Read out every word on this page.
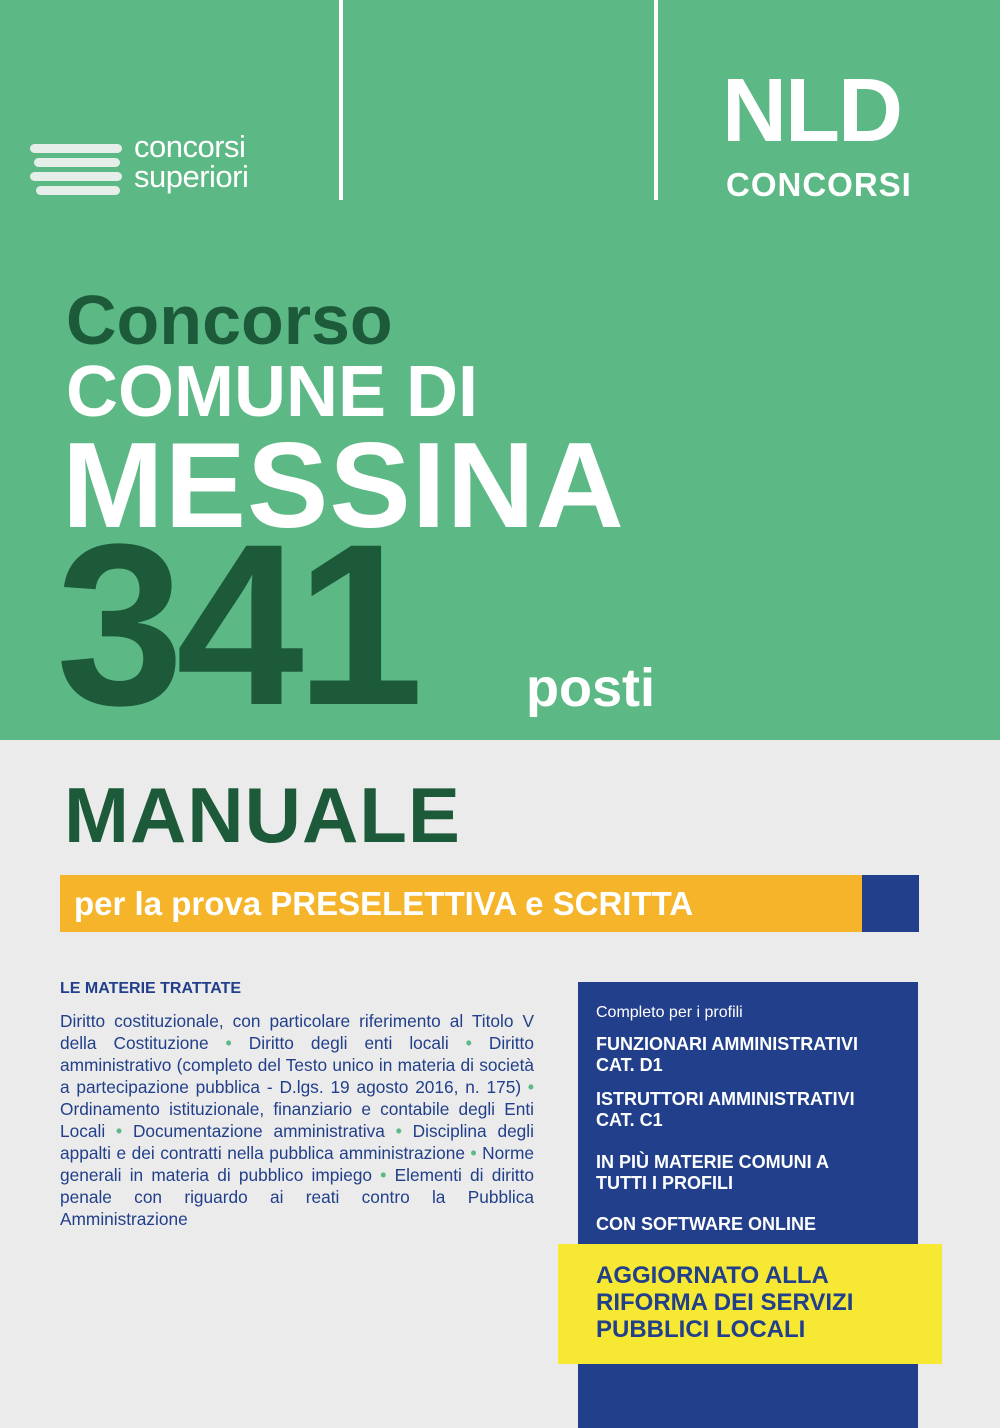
concorsi
superiori
NLD
CONCORSI
Concorso
COMUNE DI
MESSINA
341 posti
MANUALE
per la prova PRESELETTIVA e SCRITTA
LE MATERIE TRATTATE
Diritto costituzionale, con particolare riferimento al Titolo V della Costituzione • Diritto degli enti locali • Diritto amministrativo (completo del Testo unico in materia di società a partecipazione pubblica - D.lgs. 19 agosto 2016, n. 175) • Ordinamento istituzionale, finanziario e contabile degli Enti Locali • Documentazione amministrativa • Disciplina degli appalti e dei contratti nella pubblica amministrazione • Norme generali in materia di pubblico impiego • Elementi di diritto penale con riguardo ai reati contro la Pubblica Amministrazione
Completo per i profili
FUNZIONARI AMMINISTRATIVI CAT. D1
ISTRUTTORI AMMINISTRATIVI CAT. C1
IN PIÙ MATERIE COMUNI A TUTTI I PROFILI
CON SOFTWARE ONLINE
AGGIORNATO ALLA RIFORMA DEI SERVIZI PUBBLICI LOCALI
